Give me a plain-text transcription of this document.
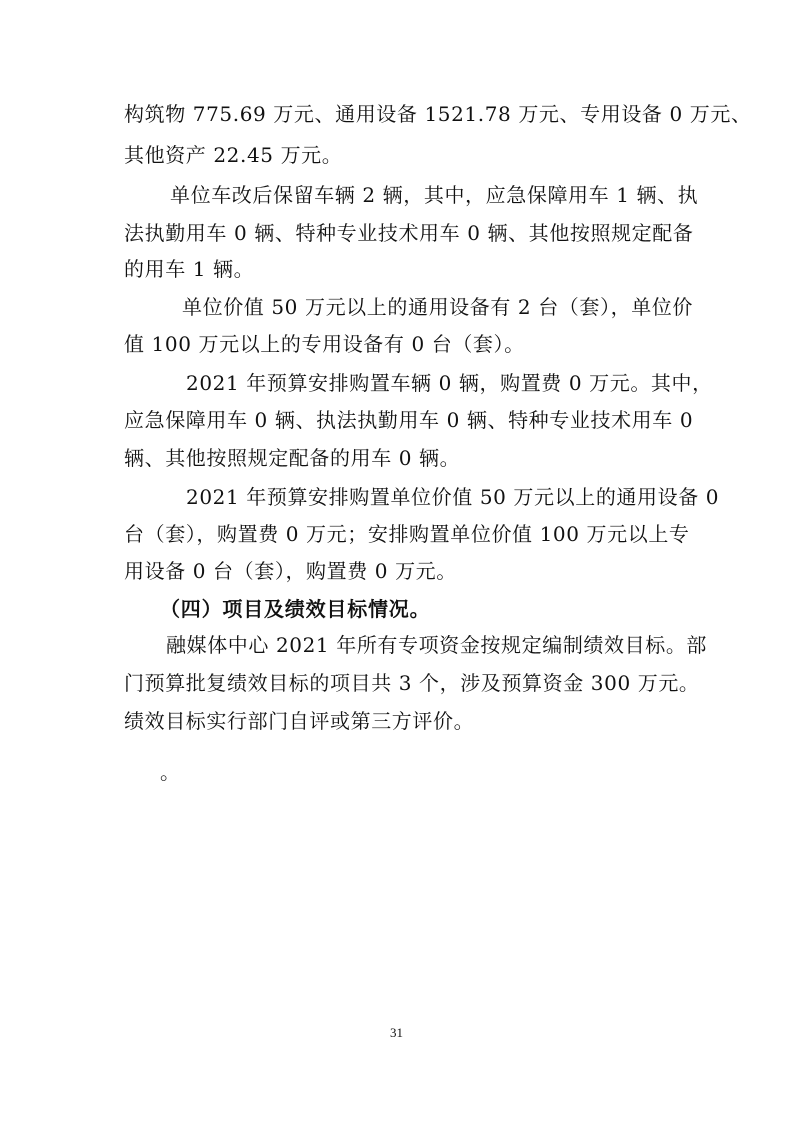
构筑物 775.69 万元、通用设备 1521.78 万元、专用设备 0 万元、
其他资产 22.45 万元。
单位车改后保留车辆 2 辆，其中，应急保障用车 1 辆、执
法执勤用车 0 辆、特种专业技术用车 0 辆、其他按照规定配备
的用车 1 辆。
单位价值 50 万元以上的通用设备有 2 台（套），单位价
值 100 万元以上的专用设备有 0 台（套）。
2021 年预算安排购置车辆 0 辆，购置费 0 万元。其中，
应急保障用车 0 辆、执法执勤用车 0 辆、特种专业技术用车 0
辆、其他按照规定配备的用车 0 辆。
2021 年预算安排购置单位价值 50 万元以上的通用设备 0
台（套），购置费 0 万元；安排购置单位价值 100 万元以上专
用设备 0 台（套），购置费 0 万元。
（四）项目及绩效目标情况。
融媒体中心 2021 年所有专项资金按规定编制绩效目标。部
门预算批复绩效目标的项目共 3 个，涉及预算资金 300 万元。
绩效目标实行部门自评或第三方评价。
。
31
